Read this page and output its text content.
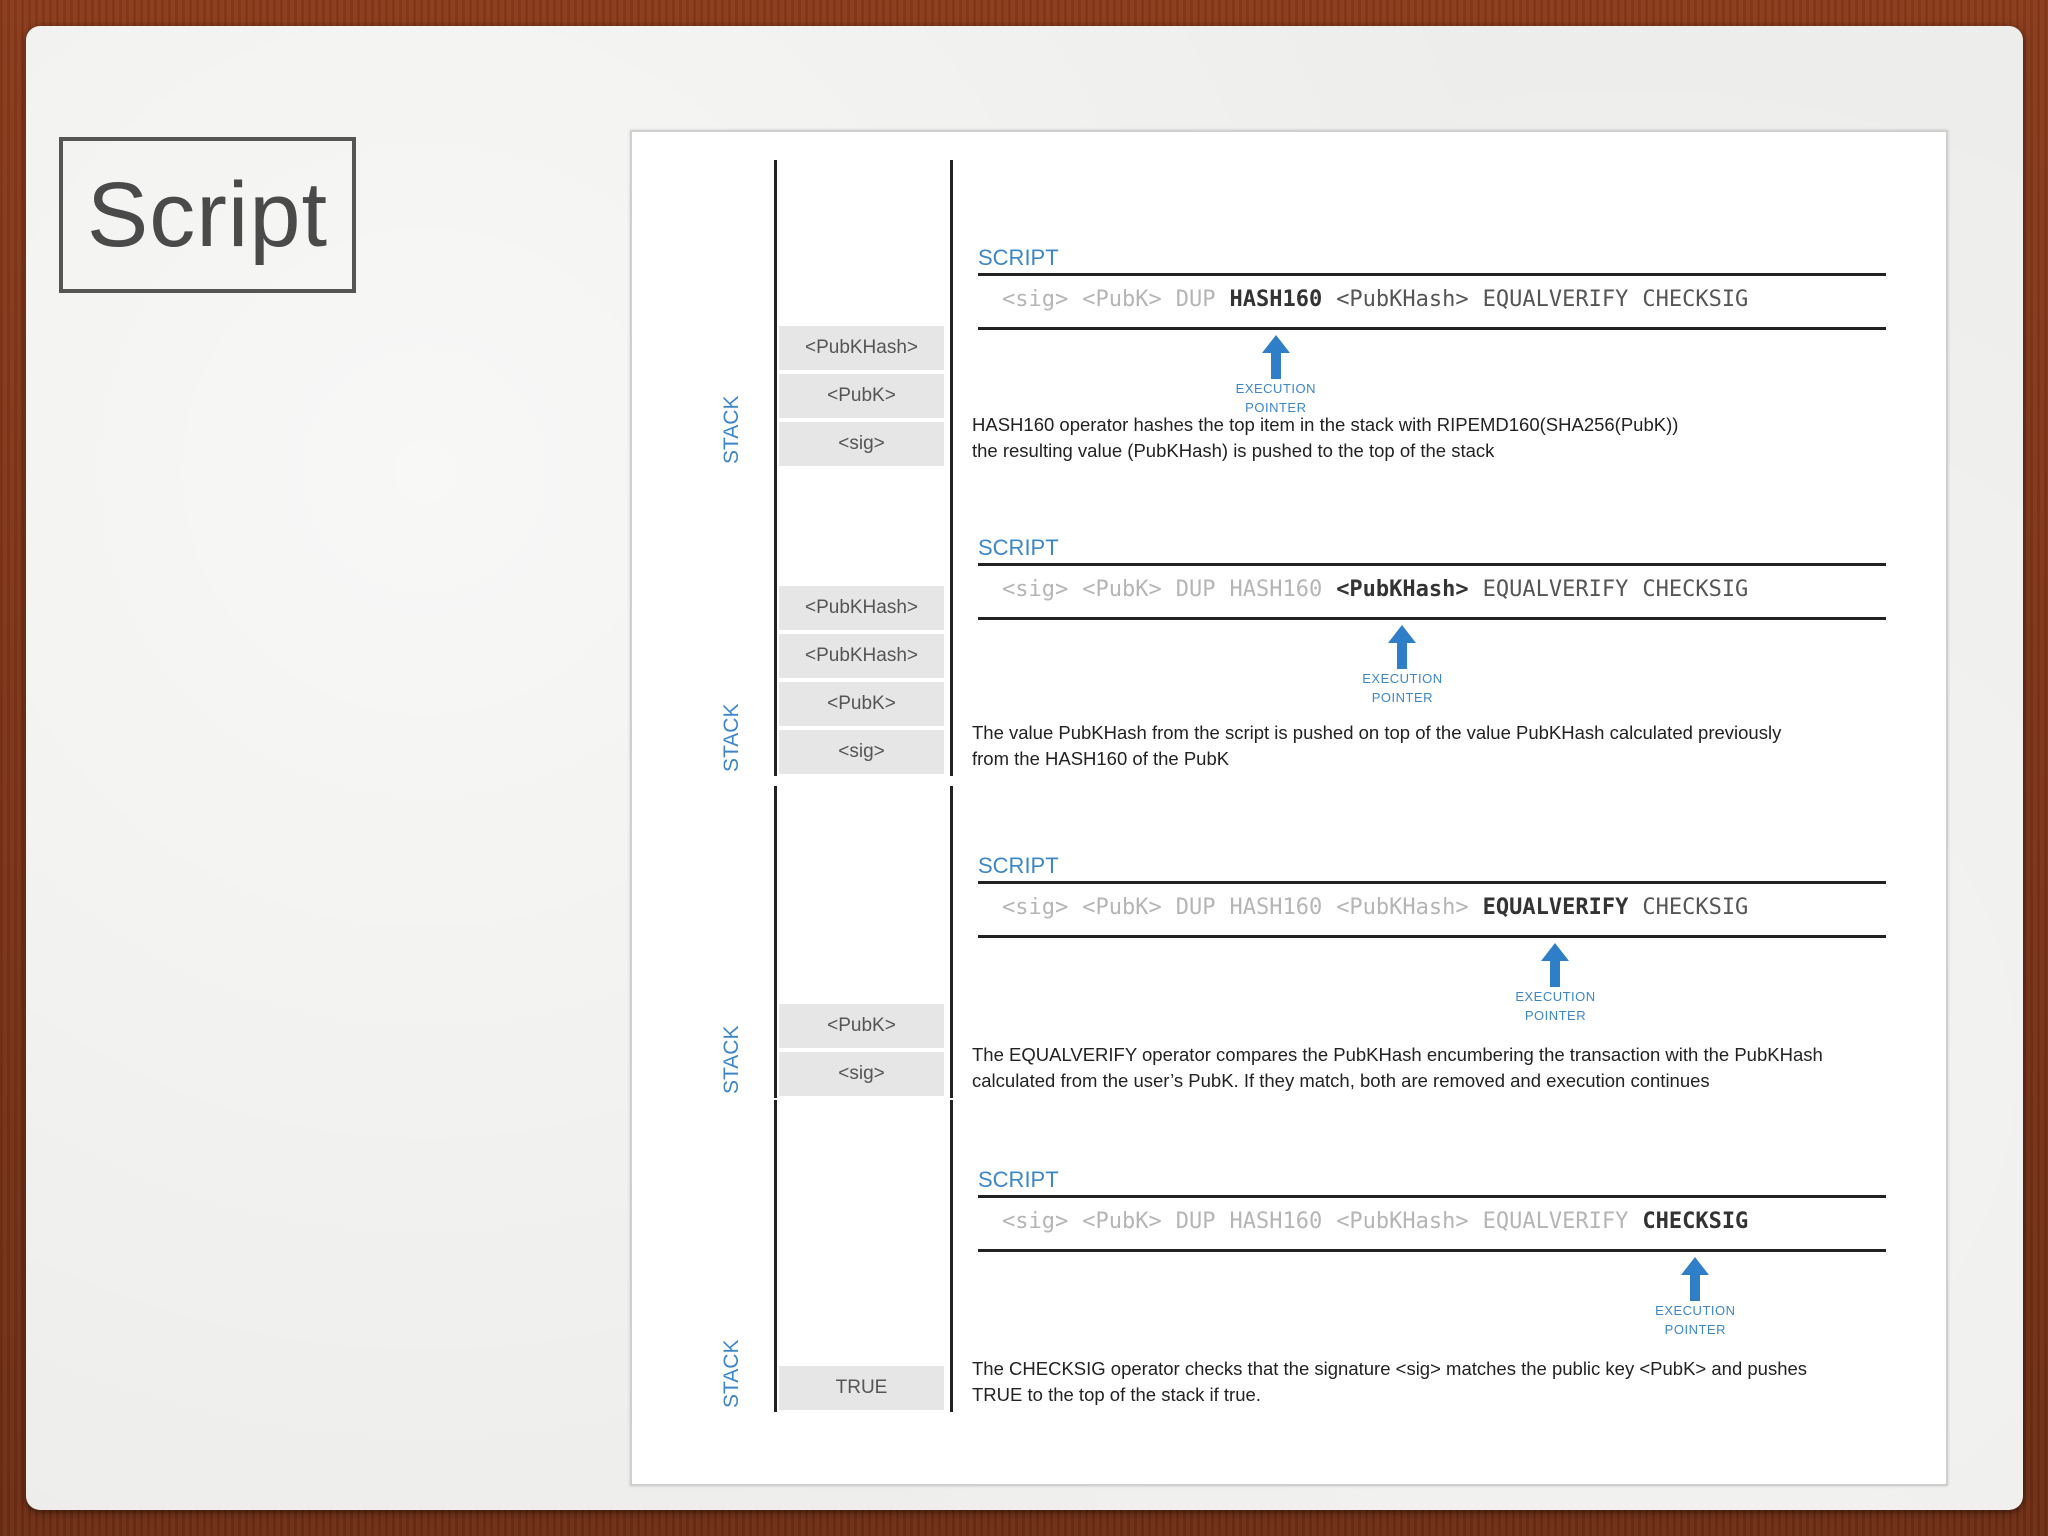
Script
STACK
<PubKHash>
<PubK>
<sig>
SCRIPT
<sig> <PubK> DUP HASH160 <PubKHash> EQUALVERIFY CHECKSIG
EXECUTION
POINTER
HASH160 operator hashes the top item in the stack with RIPEMD160(SHA256(PubK))
the resulting value (PubKHash) is pushed to the top of the stack
STACK
<PubKHash>
<PubKHash>
<PubK>
<sig>
SCRIPT
<sig> <PubK> DUP HASH160 <PubKHash> EQUALVERIFY CHECKSIG
EXECUTION
POINTER
The value PubKHash from the script is pushed on top of the value PubKHash calculated previously
from the HASH160 of the PubK
STACK
<PubK>
<sig>
SCRIPT
<sig> <PubK> DUP HASH160 <PubKHash> EQUALVERIFY CHECKSIG
EXECUTION
POINTER
The EQUALVERIFY operator compares the PubKHash encumbering the transaction with the PubKHash
calculated from the user’s PubK. If they match, both are removed and execution continues
STACK	TRUE
SCRIPT
<sig> <PubK> DUP HASH160 <PubKHash> EQUALVERIFY CHECKSIG
EXECUTION
POINTER
The CHECKSIG operator checks that the signature <sig> matches the public key <PubK> and pushes
TRUE to the top of the stack if true.
